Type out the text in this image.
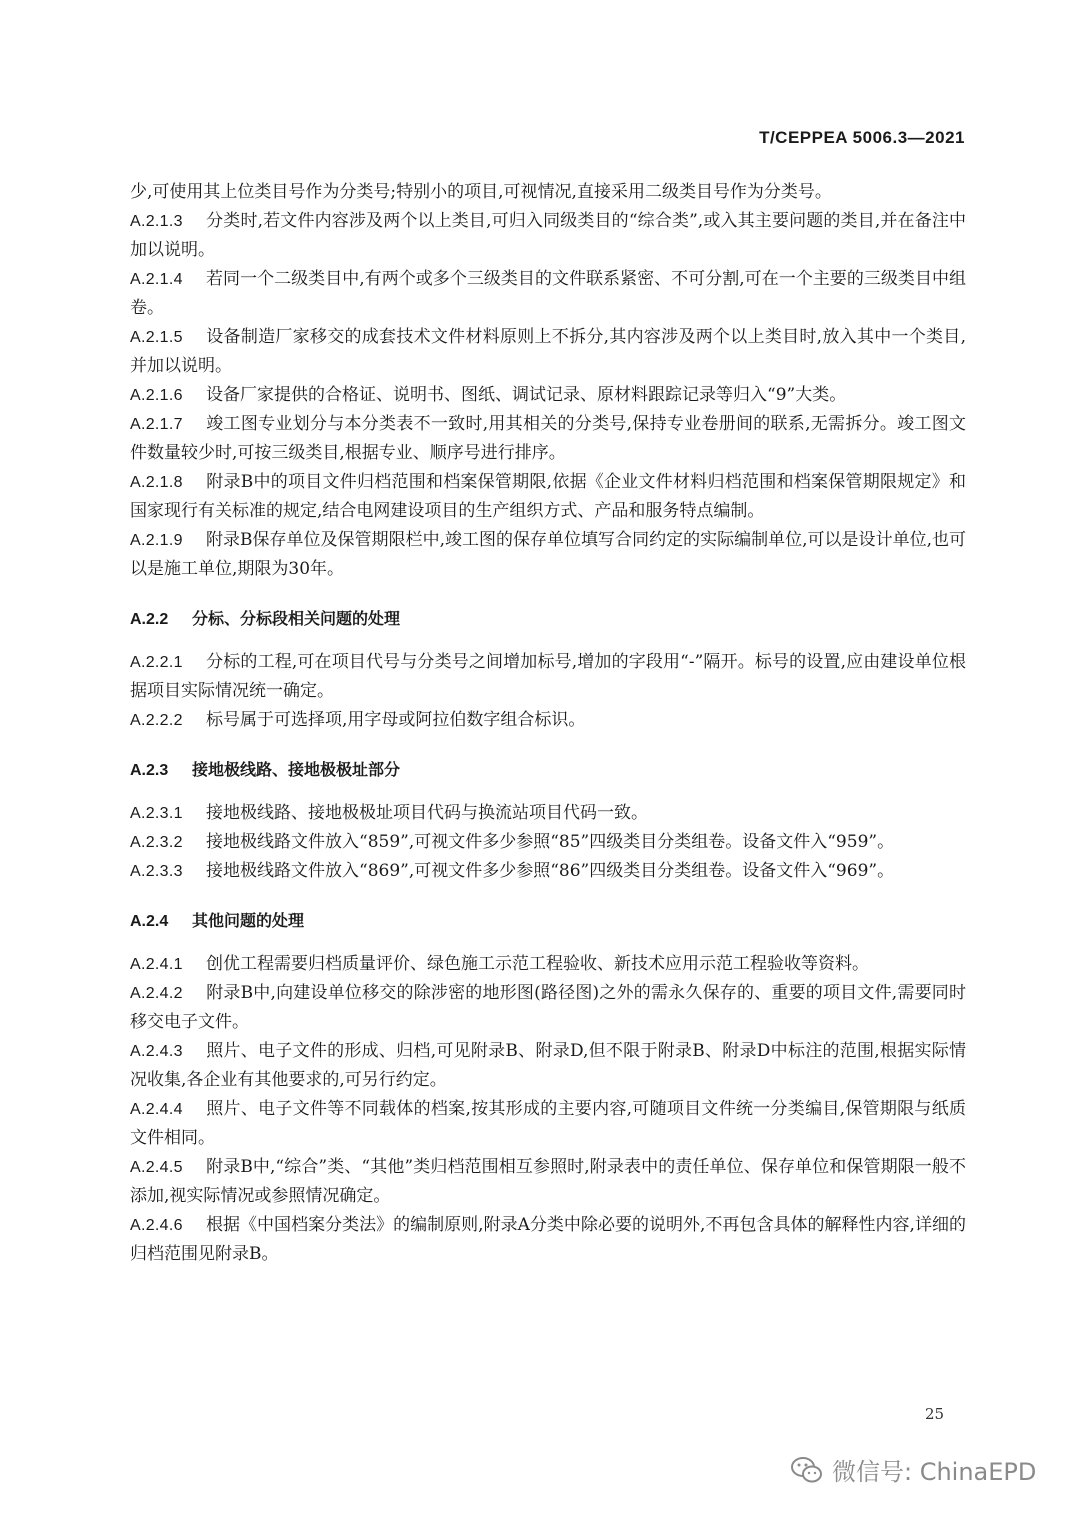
T/CEPPEA 5006.3—2021

少,可使用其上位类目号作为分类号;特别小的项目,可视情况,直接采用二级类目号作为分类号。

A.2.1.3 分类时,若文件内容涉及两个以上类目,可归入同级类目的“综合类”,或入其主要问题的类目,并在备注中加以说明。

A.2.1.4 若同一个二级类目中,有两个或多个三级类目的文件联系紧密、不可分割,可在一个主要的三级类目中组卷。

A.2.1.5 设备制造厂家移交的成套技术文件材料原则上不拆分,其内容涉及两个以上类目时,放入其中一个类目,并加以说明。

A.2.1.6 设备厂家提供的合格证、说明书、图纸、调试记录、原材料跟踪记录等归入“9”大类。

A.2.1.7 竣工图专业划分与本分类表不一致时,用其相关的分类号,保持专业卷册间的联系,无需拆分。竣工图文件数量较少时,可按三级类目,根据专业、顺序号进行排序。

A.2.1.8 附录B中的项目文件归档范围和档案保管期限,依据《企业文件材料归档范围和档案保管期限规定》和国家现行有关标准的规定,结合电网建设项目的生产组织方式、产品和服务特点编制。

A.2.1.9 附录B保存单位及保管期限栏中,竣工图的保存单位填写合同约定的实际编制单位,可以是设计单位,也可以是施工单位,期限为30年。

A.2.2 分标、分标段相关问题的处理

A.2.2.1 分标的工程,可在项目代号与分类号之间增加标号,增加的字段用“-”隔开。标号的设置,应由建设单位根据项目实际情况统一确定。

A.2.2.2 标号属于可选择项,用字母或阿拉伯数字组合标识。

A.2.3 接地极线路、接地极极址部分

A.2.3.1 接地极线路、接地极极址项目代码与换流站项目代码一致。

A.2.3.2 接地极线路文件放入“859”,可视文件多少参照“85”四级类目分类组卷。设备文件入“959”。

A.2.3.3 接地极线路文件放入“869”,可视文件多少参照“86”四级类目分类组卷。设备文件入“969”。

A.2.4 其他问题的处理

A.2.4.1 创优工程需要归档质量评价、绿色施工示范工程验收、新技术应用示范工程验收等资料。

A.2.4.2 附录B中,向建设单位移交的除涉密的地形图(路径图)之外的需永久保存的、重要的项目文件,需要同时移交电子文件。

A.2.4.3 照片、电子文件的形成、归档,可见附录B、附录D,但不限于附录B、附录D中标注的范围,根据实际情况收集,各企业有其他要求的,可另行约定。

A.2.4.4 照片、电子文件等不同载体的档案,按其形成的主要内容,可随项目文件统一分类编目,保管期限与纸质文件相同。

A.2.4.5 附录B中,“综合”类、“其他”类归档范围相互参照时,附录表中的责任单位、保存单位和保管期限一般不添加,视实际情况或参照情况确定。

A.2.4.6 根据《中国档案分类法》的编制原则,附录A分类中除必要的说明外,不再包含具体的解释性内容,详细的归档范围见附录B。

25
微信号: ChinaEPD
